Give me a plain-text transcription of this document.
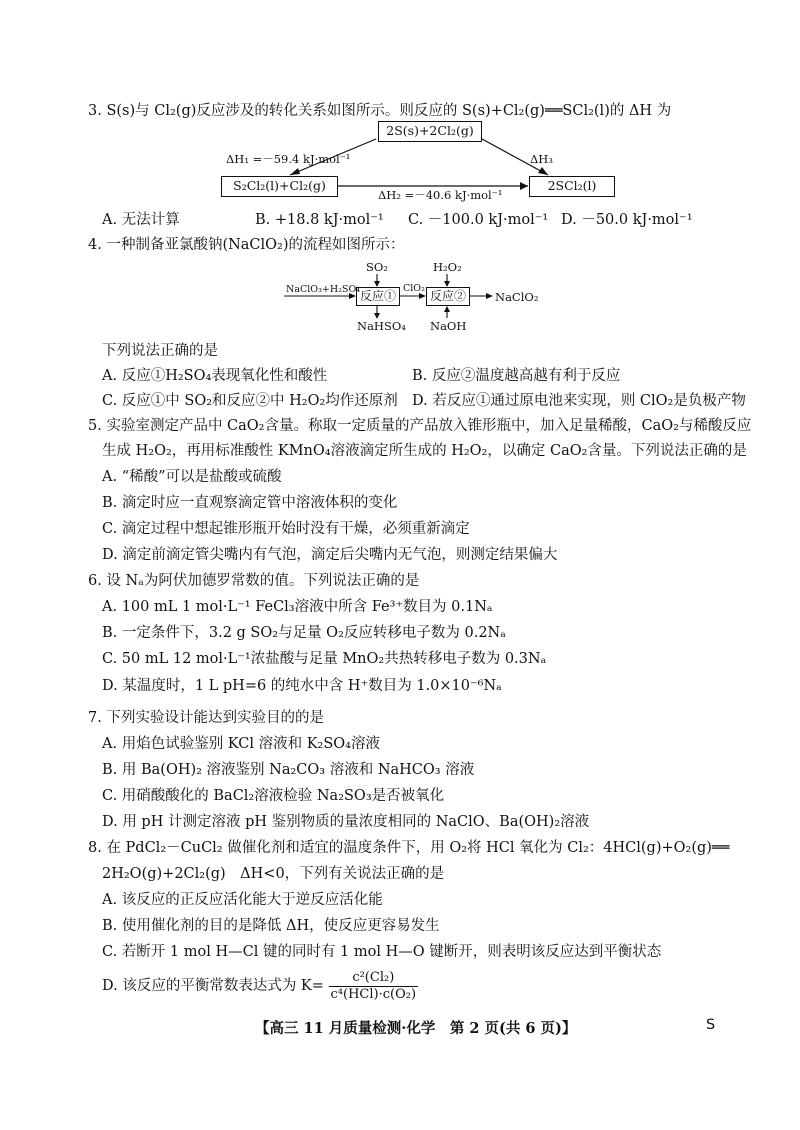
3. S(s)与 Cl₂(g)反应涉及的转化关系如图所示。则反应的 S(s)+Cl₂(g)══SCl₂(l)的 ΔH 为
2S(s)+2Cl₂(g)
S₂Cl₂(l)+Cl₂(g)	2SCl₂(l)
ΔH₁ =－59.4 kJ·mol⁻¹
ΔH₂ =－40.6 kJ·mol⁻¹
ΔH₃
A. 无法计算	B. +18.8 kJ·mol⁻¹ C. －100.0 kJ·mol⁻¹ D. －50.0 kJ·mol⁻¹
4. 一种制备亚氯酸钠(NaClO₂)的流程如图所示：
NaClO₃+H₂SO₄ 反应①	反应②
SO₂	H₂O₂
ClO₂
NaHSO₄ NaOH
NaClO₂
下列说法正确的是
A. 反应①H₂SO₄表现氧化性和酸性	B. 反应②温度越高越有利于反应
C. 反应①中 SO₂和反应②中 H₂O₂均作还原剂 D. 若反应①通过原电池来实现，则 ClO₂是负极产物
5. 实验室测定产品中 CaO₂含量。称取一定质量的产品放入锥形瓶中，加入足量稀酸，CaO₂与稀酸反应
生成 H₂O₂，再用标准酸性 KMnO₄溶液滴定所生成的 H₂O₂，以确定 CaO₂含量。下列说法正确的是
A. “稀酸”可以是盐酸或硫酸
B. 滴定时应一直观察滴定管中溶液体积的变化
C. 滴定过程中想起锥形瓶开始时没有干燥，必须重新滴定
D. 滴定前滴定管尖嘴内有气泡，滴定后尖嘴内无气泡，则测定结果偏大
6. 设 Nₐ为阿伏加德罗常数的值。下列说法正确的是
A. 100 mL 1 mol·L⁻¹ FeCl₃溶液中所含 Fe³⁺数目为 0.1Nₐ
B. 一定条件下，3.2 g SO₂与足量 O₂反应转移电子数为 0.2Nₐ
C. 50 mL 12 mol·L⁻¹浓盐酸与足量 MnO₂共热转移电子数为 0.3Nₐ
D. 某温度时，1 L pH=6 的纯水中含 H⁺数目为 1.0×10⁻⁶Nₐ
7. 下列实验设计能达到实验目的的是
A. 用焰色试验鉴别 KCl 溶液和 K₂SO₄溶液
B. 用 Ba(OH)₂ 溶液鉴别 Na₂CO₃ 溶液和 NaHCO₃ 溶液
C. 用硝酸酸化的 BaCl₂溶液检验 Na₂SO₃是否被氧化
D. 用 pH 计测定溶液 pH 鉴别物质的量浓度相同的 NaClO、Ba(OH)₂溶液
8. 在 PdCl₂－CuCl₂ 做催化剂和适宜的温度条件下，用 O₂将 HCl 氧化为 Cl₂：4HCl(g)+O₂(g)══
2H₂O(g)+2Cl₂(g)　ΔH<0，下列有关说法正确的是
A. 该反应的正反应活化能大于逆反应活化能
B. 使用催化剂的目的是降低 ΔH，使反应更容易发生
C. 若断开 1 mol H—Cl 键的同时有 1 mol H—O 键断开，则表明该反应达到平衡状态
D. 该反应的平衡常数表达式为 $K= \frac{\text{c²(Cl₂)}}{\text{c⁴(HCl)·c(O₂)}}$
【高三 11 月质量检测·化学　第 2 页(共 6 页)】	S
